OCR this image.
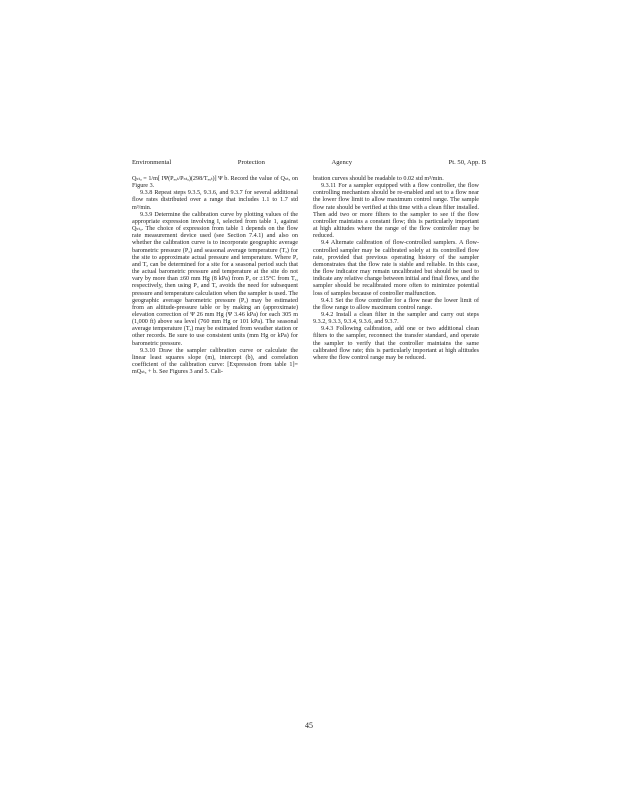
Environmental	Protection	Agency	Pt. 50, App. B

Qₛₜₐ = 1/m[ IΨ(Pₑₓₜ/Pₛₜₐ)(298/Tₑₓₜ)] Ψ b. Record the value of Qₛₜₐ on Figure 3.

9.3.8 Repeat steps 9.3.5, 9.3.6, and 9.3.7 for several additional flow rates distributed over a range that includes 1.1 to 1.7 std m³/min.

9.3.9 Determine the calibration curve by plotting values of the appropriate expression involving I, selected from table 1, against Qₛₜₐ. The choice of expression from table 1 depends on the flow rate measurement device used (see Section 7.4.1) and also on whether the calibration curve is to incorporate geographic average barometric pressure (Pₐ) and seasonal average temperature (Tₐ) for the site to approximate actual pressure and temperature. Where Pₐ and Tₐ can be determined for a site for a seasonal period such that the actual barometric pressure and temperature at the site do not vary by more than ±60 mm Hg (8 kPa) from Pₐ or ±15°C from Tₐ, respectively, then using Pₐ and Tₐ avoids the need for subsequent pressure and temperature calculation when the sampler is used. The geographic average barometric pressure (Pₐ) may be estimated from an altitude-pressure table or by making an (approximate) elevation correction of Ψ 26 mm Hg (Ψ 3.46 kPa) for each 305 m (1,000 ft) above sea level (760 mm Hg or 101 kPa). The seasonal average temperature (Tₐ) may be estimated from weather station or other records. Be sure to use consistent units (mm Hg or kPa) for barometric pressure.

9.3.10 Draw the sampler calibration curve or calculate the linear least squares slope (m), intercept (b), and correlation coefficient of the calibration curve: [Expression from table 1]= mQₛₜₐ + b. See Figures 3 and 5. Cali-

bration curves should be readable to 0.02 std m³/min.

9.3.11 For a sampler equipped with a flow controller, the flow controlling mechanism should be re-enabled and set to a flow near the lower flow limit to allow maximum control range. The sample flow rate should be verified at this time with a clean filter installed. Then add two or more filters to the sampler to see if the flow controller maintains a constant flow; this is particularly important at high altitudes where the range of the flow controller may be reduced.

9.4 Alternate calibration of flow-controlled samplers. A flow-controlled sampler may be calibrated solely at its controlled flow rate, provided that previous operating history of the sampler demonstrates that the flow rate is stable and reliable. In this case, the flow indicator may remain uncalibrated but should be used to indicate any relative change between initial and final flows, and the sampler should be recalibrated more often to minimize potential loss of samples because of controller malfunction.

9.4.1 Set the flow controller for a flow near the lower limit of the flow range to allow maximum control range.

9.4.2 Install a clean filter in the sampler and carry out steps 9.3.2, 9.3.3, 9.3.4, 9.3.6, and 9.3.7.

9.4.3 Following calibration, add one or two additional clean filters to the sampler, reconnect the transfer standard, and operate the sampler to verify that the controller maintains the same calibrated flow rate; this is particularly important at high altitudes where the flow control range may be reduced.

45
